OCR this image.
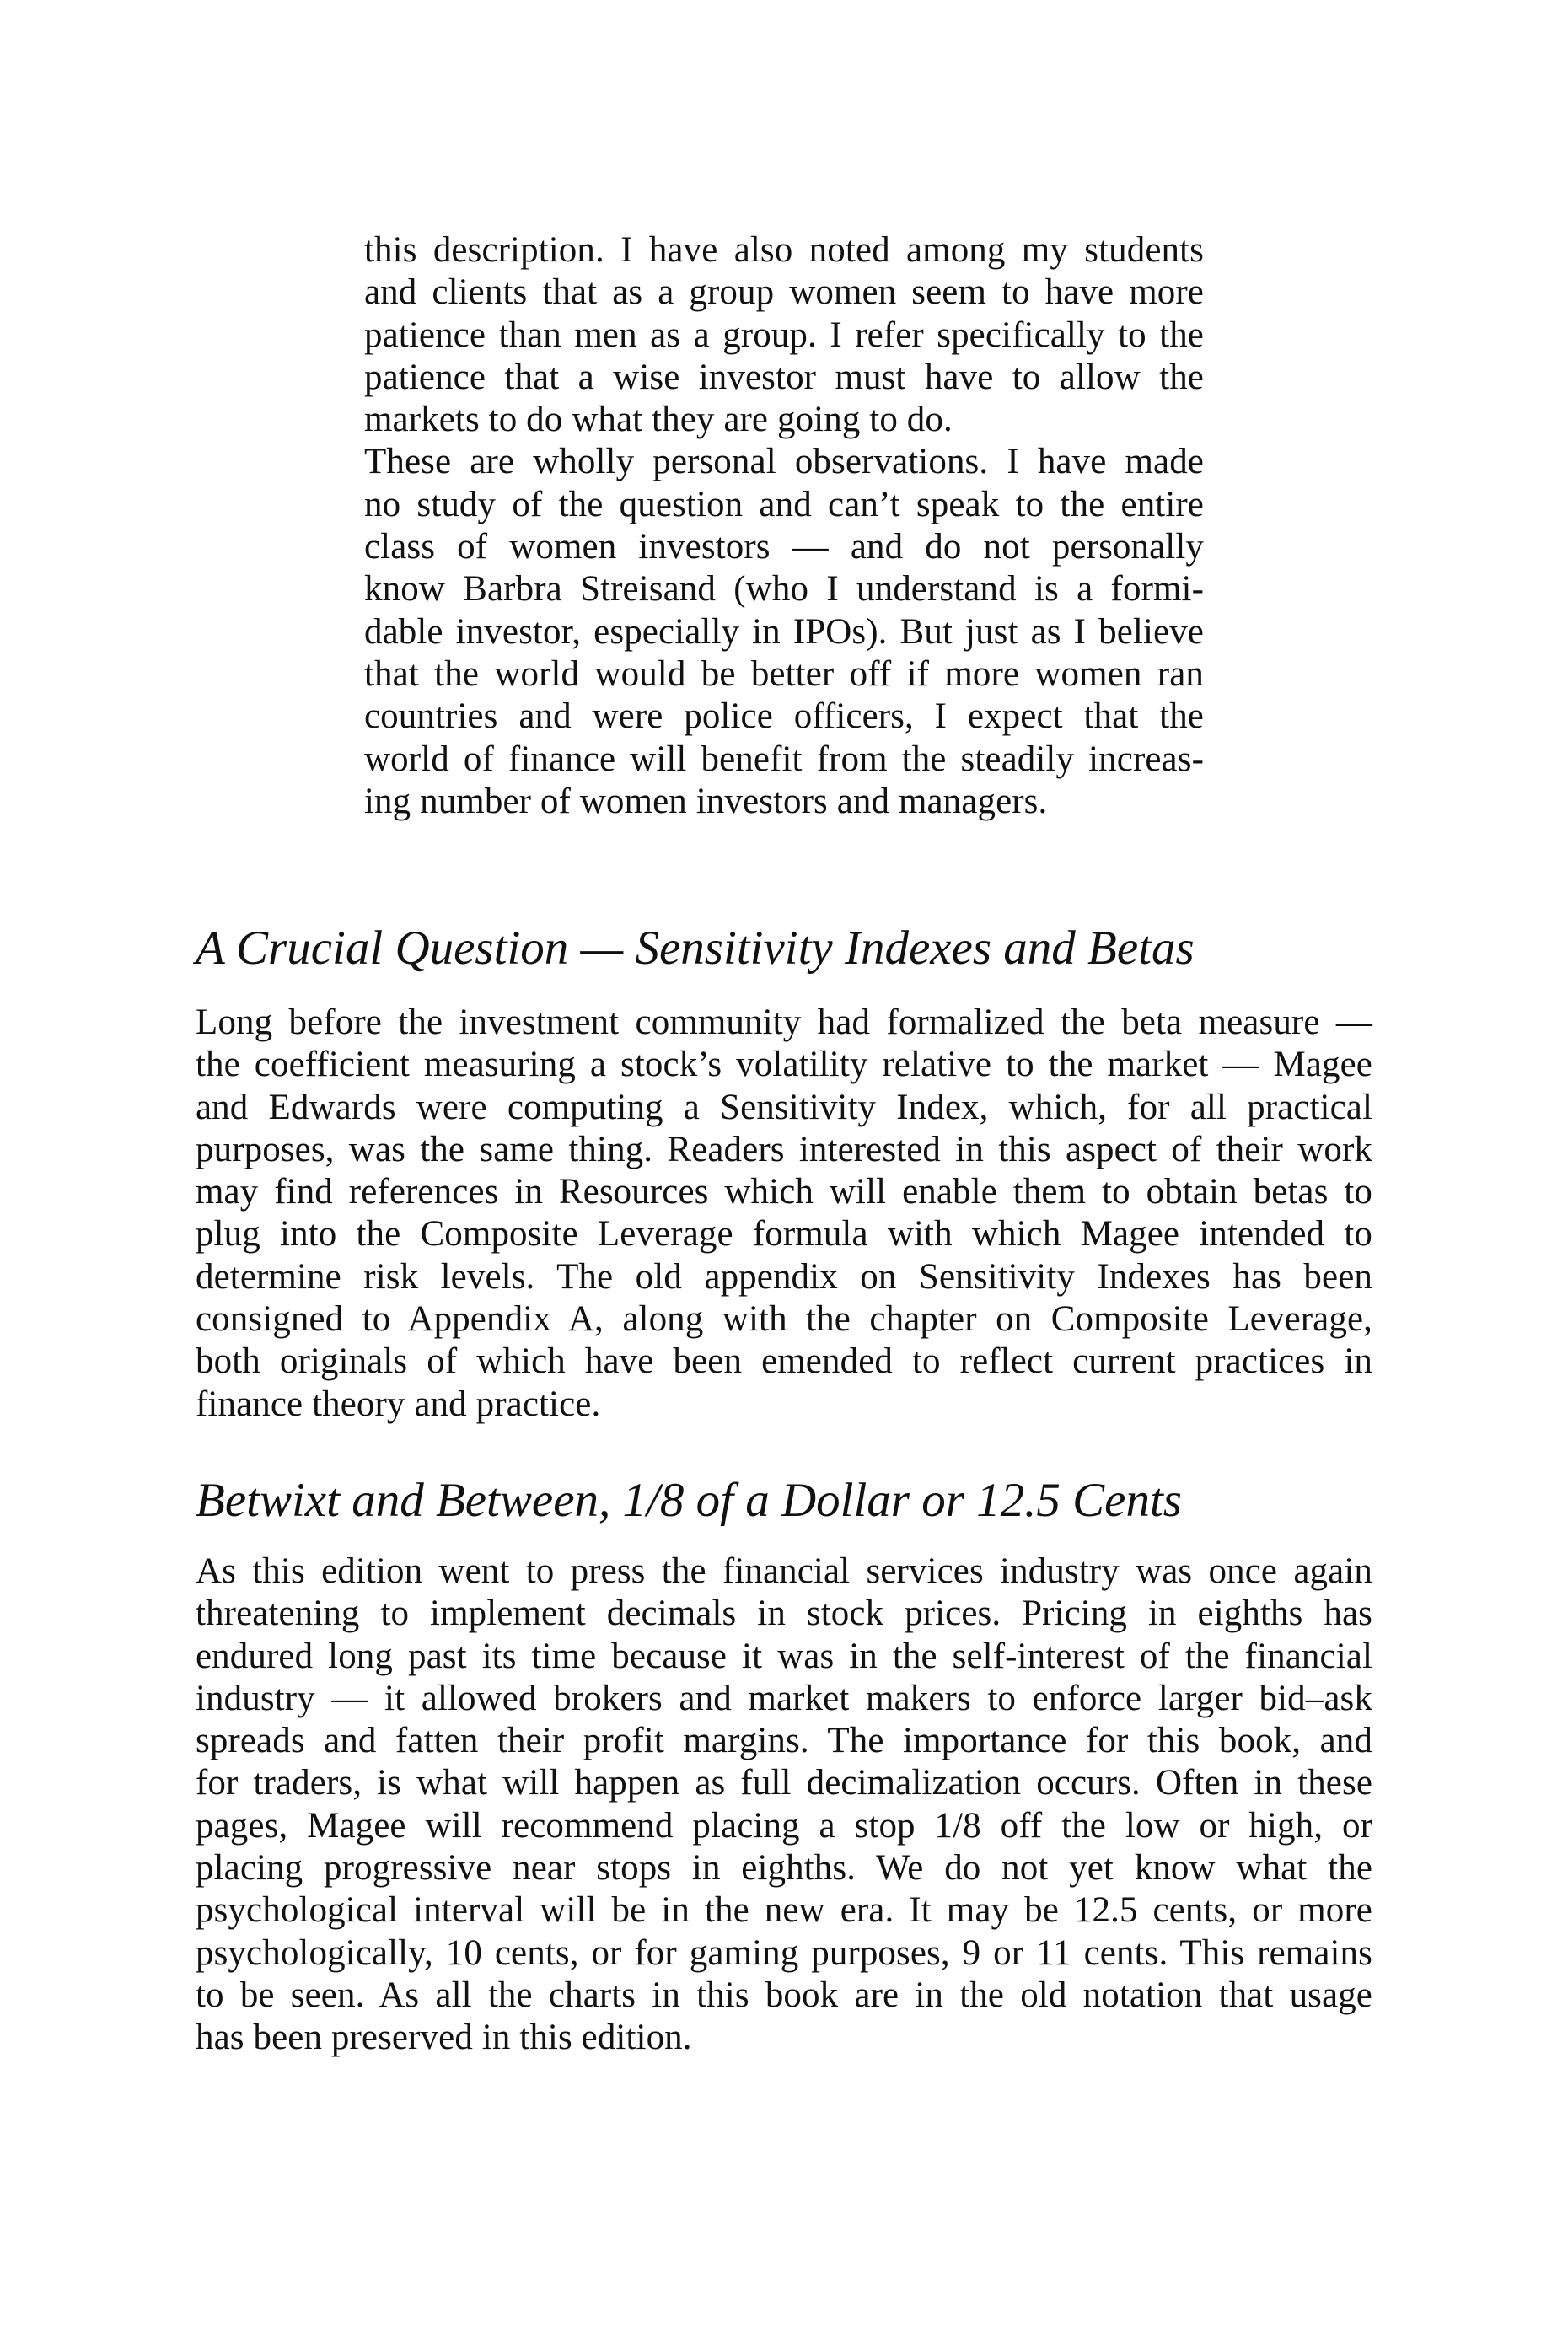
this description. I have also noted among my students
and clients that as a group women seem to have more
patience than men as a group. I refer specifically to the
patience that a wise investor must have to allow the
markets to do what they are going to do.
These are wholly personal observations. I have made
no study of the question and can’t speak to the entire
class of women investors — and do not personally
know Barbra Streisand (who I understand is a formi-
dable investor, especially in IPOs). But just as I believe
that the world would be better off if more women ran
countries and were police officers, I expect that the
world of finance will benefit from the steadily increas-
ing number of women investors and managers.
A Crucial Question — Sensitivity Indexes and Betas
Long before the investment community had formalized the beta measure —
the coefficient measuring a stock’s volatility relative to the market — Magee
and Edwards were computing a Sensitivity Index, which, for all practical
purposes, was the same thing. Readers interested in this aspect of their work
may find references in Resources which will enable them to obtain betas to
plug into the Composite Leverage formula with which Magee intended to
determine risk levels. The old appendix on Sensitivity Indexes has been
consigned to Appendix A, along with the chapter on Composite Leverage,
both originals of which have been emended to reflect current practices in
finance theory and practice.
Betwixt and Between, 1/8 of a Dollar or 12.5 Cents
As this edition went to press the financial services industry was once again
threatening to implement decimals in stock prices. Pricing in eighths has
endured long past its time because it was in the self-interest of the financial
industry — it allowed brokers and market makers to enforce larger bid–ask
spreads and fatten their profit margins. The importance for this book, and
for traders, is what will happen as full decimalization occurs. Often in these
pages, Magee will recommend placing a stop 1/8 off the low or high, or
placing progressive near stops in eighths. We do not yet know what the
psychological interval will be in the new era. It may be 12.5 cents, or more
psychologically, 10 cents, or for gaming purposes, 9 or 11 cents. This remains
to be seen. As all the charts in this book are in the old notation that usage
has been preserved in this edition.
